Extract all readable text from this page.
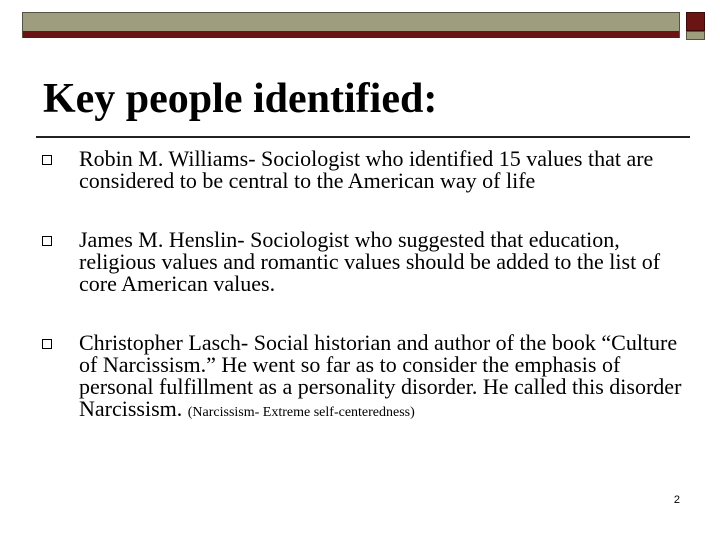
Key people identified:
Robin M. Williams- Sociologist who identified 15 values that are considered to be central to the American way of life
James M. Henslin- Sociologist who suggested that education, religious values and romantic values should be added to the list of core American values.
Christopher Lasch- Social historian and author of the book “Culture of Narcissism.” He went so far as to consider the emphasis of personal fulfillment as a personality disorder. He called this disorder Narcissism. (Narcissism- Extreme self-centeredness)
2
